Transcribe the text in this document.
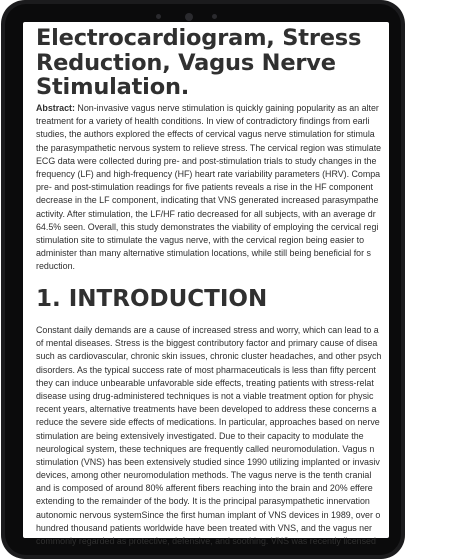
Electrocardiogram, Stress Reduction, Vagus Nerve Stimulation.
Abstract: Non-invasive vagus nerve stimulation is quickly gaining popularity as an alter
treatment for a variety of health conditions. In view of contradictory findings from earli
studies, the authors explored the effects of cervical vagus nerve stimulation for stimula
the parasympathetic nervous system to relieve stress. The cervical region was stimulate
ECG data were collected during pre- and post-stimulation trials to study changes in the
frequency (LF) and high-frequency (HF) heart rate variability parameters (HRV). Compa
pre- and post-stimulation readings for five patients reveals a rise in the HF component
decrease in the LF component, indicating that VNS generated increased parasympathe
activity. After stimulation, the LF/HF ratio decreased for all subjects, with an average dr
64.5% seen. Overall, this study demonstrates the viability of employing the cervical regi
stimulation site to stimulate the vagus nerve, with the cervical region being easier to
administer than many alternative stimulation locations, while still being beneficial for s
reduction.
1. INTRODUCTION
Constant daily demands are a cause of increased stress and worry, which can lead to a
of mental diseases. Stress is the biggest contributory factor and primary cause of disea
such as cardiovascular, chronic skin issues, chronic cluster headaches, and other psych
disorders. As the typical success rate of most pharmaceuticals is less than fifty percent
they can induce unbearable unfavorable side effects, treating patients with stress-relat
disease using drug-administered techniques is not a viable treatment option for physic
recent years, alternative treatments have been developed to address these concerns a
reduce the severe side effects of medications. In particular, approaches based on nerve
stimulation are being extensively investigated. Due to their capacity to modulate the
neurological system, these techniques are frequently called neuromodulation. Vagus n
stimulation (VNS) has been extensively studied since 1990 utilizing implanted or invasiv
devices, among other neuromodulation methods. The vagus nerve is the tenth cranial
and is composed of around 80% afferent fibers reaching into the brain and 20% effere
extending to the remainder of the body. It is the principal parasympathetic innervation
autonomic nervous systemSince the first human implant of VNS devices in 1989, over o
hundred thousand patients worldwide have been treated with VNS, and the vagus ner
commonly regarded as protective, defensive, and soothing. VNS was recently licensed
